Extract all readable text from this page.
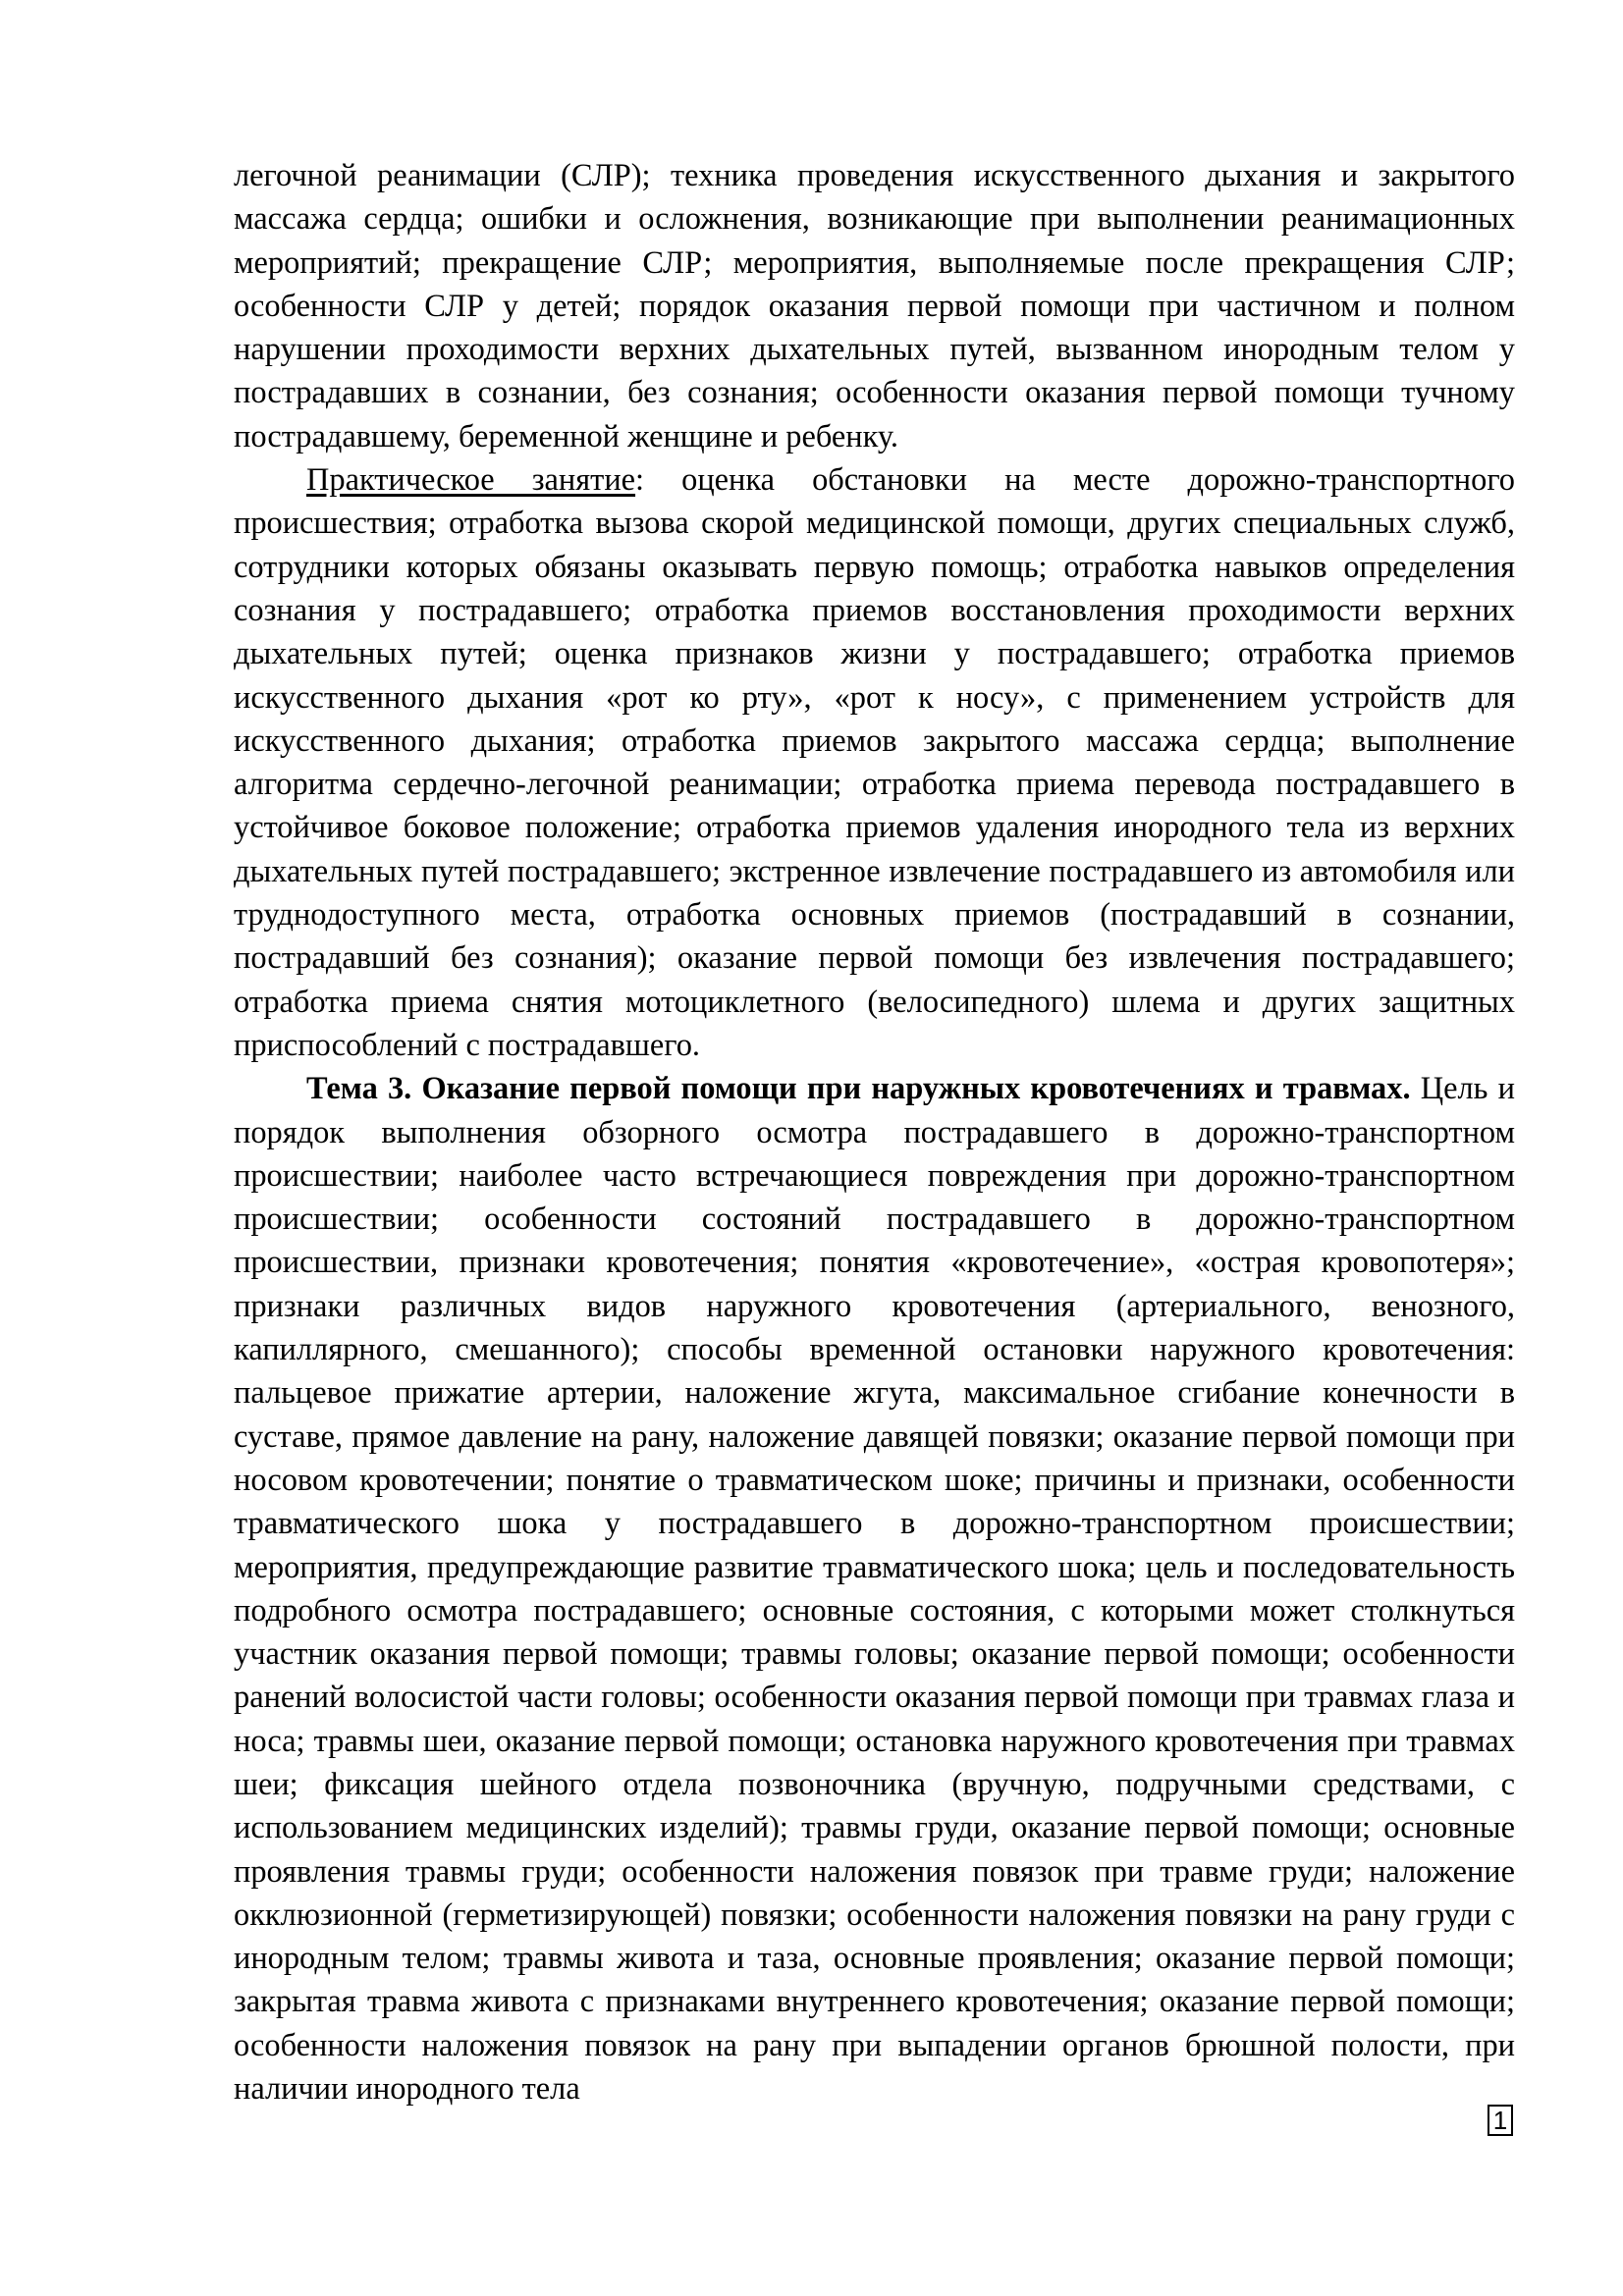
легочной реанимации (СЛР); техника проведения искусственного дыхания и закрытого массажа сердца; ошибки и осложнения, возникающие при выполнении реанимационных мероприятий; прекращение СЛР; мероприятия, выполняемые после прекращения СЛР; особенности СЛР у детей; порядок оказания первой помощи при частичном и полном нарушении проходимости верхних дыхательных путей, вызванном инородным телом у пострадавших в сознании, без сознания; особенности оказания первой помощи тучному пострадавшему, беременной женщине и ребенку.

Практическое занятие: оценка обстановки на месте дорожно-транспортного происшествия; отработка вызова скорой медицинской помощи, других специальных служб, сотрудники которых обязаны оказывать первую помощь; отработка навыков определения сознания у пострадавшего; отработка приемов восстановления проходимости верхних дыхательных путей; оценка признаков жизни у пострадавшего; отработка приемов искусственного дыхания «рот ко рту», «рот к носу», с применением устройств для искусственного дыхания; отработка приемов закрытого массажа сердца; выполнение алгоритма сердечно-легочной реанимации; отработка приема перевода пострадавшего в устойчивое боковое положение; отработка приемов удаления инородного тела из верхних дыхательных путей пострадавшего; экстренное извлечение пострадавшего из автомобиля или труднодоступного места, отработка основных приемов (пострадавший в сознании, пострадавший без сознания); оказание первой помощи без извлечения пострадавшего; отработка приема снятия мотоциклетного (велосипедного) шлема и других защитных приспособлений с пострадавшего.

Тема 3. Оказание первой помощи при наружных кровотечениях и травмах. Цель и порядок выполнения обзорного осмотра пострадавшего в дорожно-транспортном происшествии; наиболее часто встречающиеся повреждения при дорожно-транспортном происшествии; особенности состояний пострадавшего в дорожно-транспортном происшествии, признаки кровотечения; понятия «кровотечение», «острая кровопотеря»; признаки различных видов наружного кровотечения (артериального, венозного, капиллярного, смешанного); способы временной остановки наружного кровотечения: пальцевое прижатие артерии, наложение жгута, максимальное сгибание конечности в суставе, прямое давление на рану, наложение давящей повязки; оказание первой помощи при носовом кровотечении; понятие о травматическом шоке; причины и признаки, особенности травматического шока у пострадавшего в дорожно-транспортном происшествии; мероприятия, предупреждающие развитие травматического шока; цель и последовательность подробного осмотра пострадавшего; основные состояния, с которыми может столкнуться участник оказания первой помощи; травмы головы; оказание первой помощи; особенности ранений волосистой части головы; особенности оказания первой помощи при травмах глаза и носа; травмы шеи, оказание первой помощи; остановка наружного кровотечения при травмах шеи; фиксация шейного отдела позвоночника (вручную, подручными средствами, с использованием медицинских изделий); травмы груди, оказание первой помощи; основные проявления травмы груди; особенности наложения повязок при травме груди; наложение окклюзионной (герметизирующей) повязки; особенности наложения повязки на рану груди с инородным телом; травмы живота и таза, основные проявления; оказание первой помощи; закрытая травма живота с признаками внутреннего кровотечения; оказание первой помощи; особенности наложения повязок на рану при выпадении органов брюшной полости, при наличии инородного тела

1
